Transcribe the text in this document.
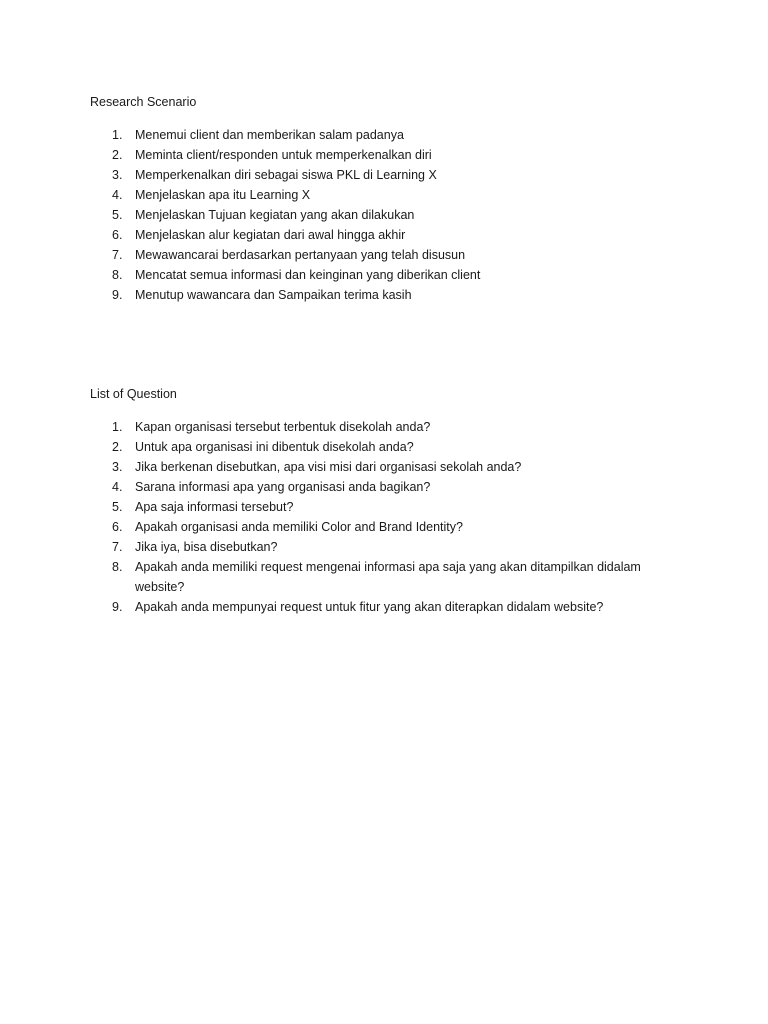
Research Scenario
1.	Menemui client dan memberikan salam padanya
2.	Meminta client/responden untuk memperkenalkan diri
3.	Memperkenalkan diri sebagai siswa PKL di Learning X
4.	Menjelaskan apa itu Learning X
5.	Menjelaskan Tujuan kegiatan yang akan dilakukan
6.	Menjelaskan alur kegiatan dari awal hingga akhir
7.	Mewawancarai berdasarkan pertanyaan yang telah disusun
8.	Mencatat semua informasi dan keinginan yang diberikan client
9.	Menutup wawancara dan Sampaikan terima kasih
List of Question
1.	Kapan organisasi tersebut terbentuk disekolah anda?
2.	Untuk apa organisasi ini dibentuk disekolah anda?
3.	Jika berkenan disebutkan, apa visi misi dari organisasi sekolah anda?
4.	Sarana informasi apa yang organisasi anda bagikan?
5.	Apa saja informasi tersebut?
6.	Apakah organisasi anda memiliki Color and Brand Identity?
7.	Jika iya, bisa disebutkan?
8.	Apakah anda memiliki request mengenai informasi apa saja yang akan ditampilkan didalam website?
9.	Apakah anda mempunyai request untuk fitur yang akan diterapkan didalam website?
